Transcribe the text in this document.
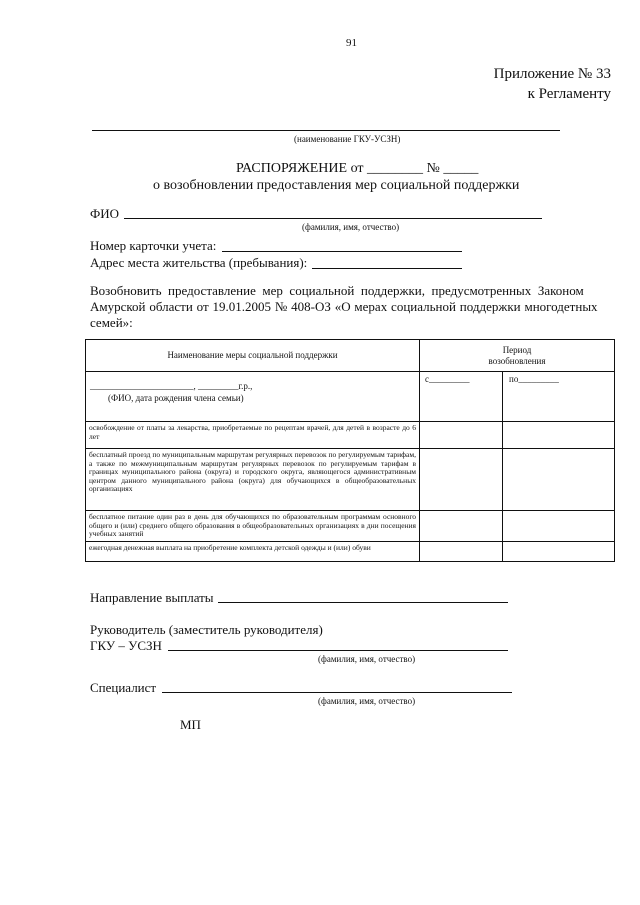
91
Приложение № 33
к Регламенту
(наименование ГКУ-УСЗН)
РАСПОРЯЖЕНИЕ от ________ № _____
о возобновлении предоставления мер социальной поддержки
ФИО
(фамилия, имя, отчество)
Номер карточки учета:
Адрес места жительства (пребывания):
Возобновить предоставление мер социальной поддержки, предусмотренных Законом
Амурской области от 19.01.2005 № 408-ОЗ «О мерах социальной поддержки многодетных
семей»:
Наименование меры социальной поддержки	Период
возобновления	

_______________________, _________г.р.,
(ФИО, дата рождения члена семьи)	с_________	по_________
освобождение от платы за лекарства, приобретаемые по рецептам врачей, для детей в возрасте до 6 лет		
бесплатный проезд по муниципальным маршрутам регулярных перевозок по регулируемым тарифам, а также по межмуниципальным маршрутам регулярных перевозок по регулируемым тарифам в границах муниципального района (округа) и городского округа, являющегося административным центром данного муниципального района (округа) для обучающихся в общеобразовательных организациях		
бесплатное питание один раз в день для обучающихся по образовательным программам основного общего и (или) среднего общего образования в общеобразовательных организациях в дни посещения учебных занятий		
ежегодная денежная выплата на приобретение комплекта детской одежды и (или) обуви		
Направление выплаты
Руководитель (заместитель руководителя)
ГКУ – УСЗН
(фамилия, имя, отчество)
Специалист
(фамилия, имя, отчество)
МП
